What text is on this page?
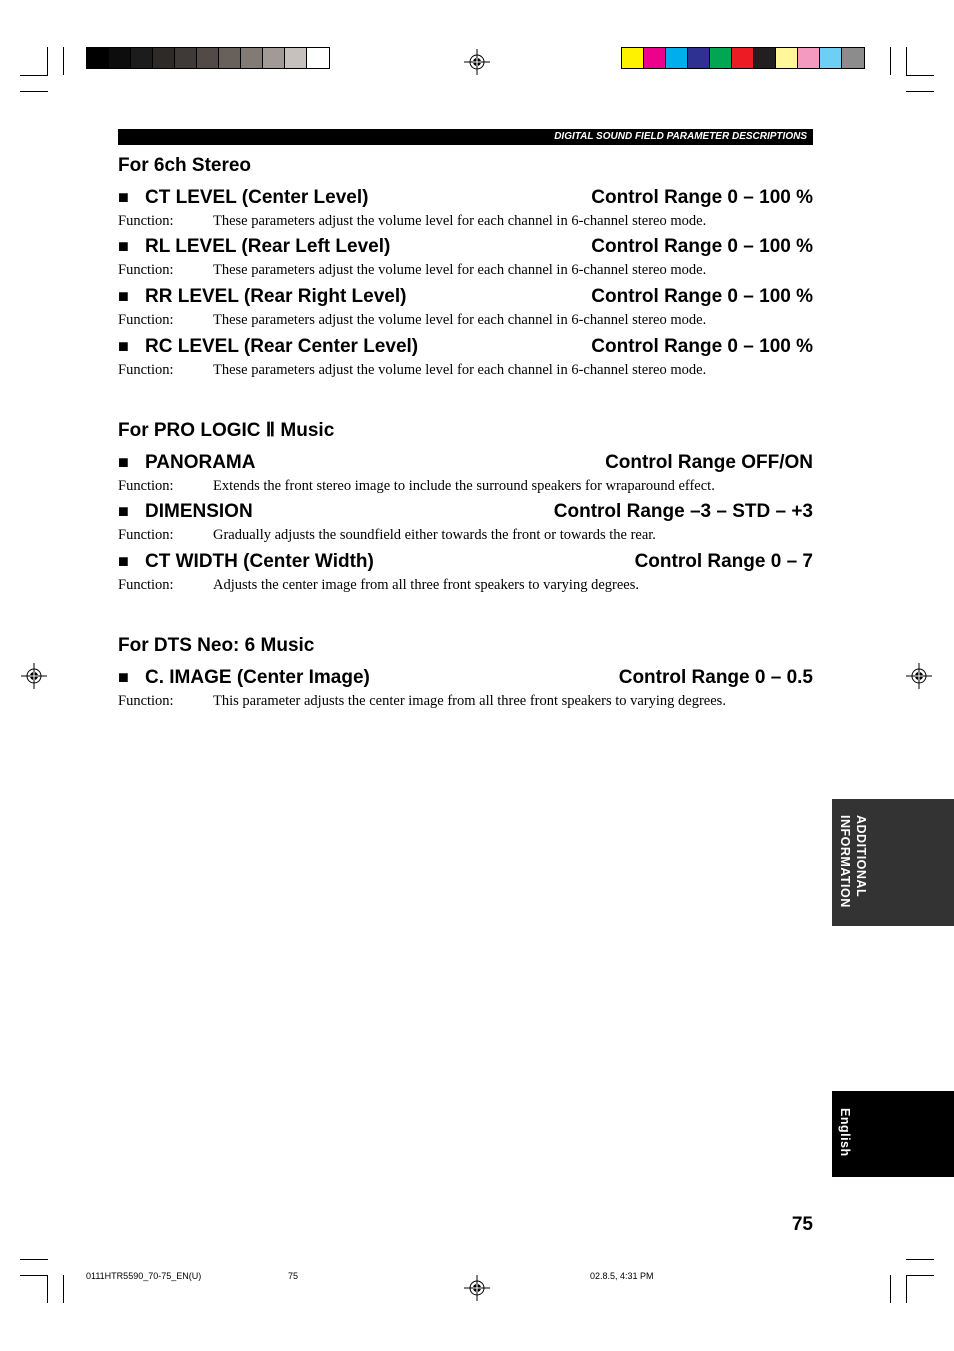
DIGITAL SOUND FIELD PARAMETER DESCRIPTIONS
For 6ch Stereo
■ CT LEVEL (Center Level)	Control Range 0 – 100 %
Function:	These parameters adjust the volume level for each channel in 6-channel stereo mode.
■ RL LEVEL (Rear Left Level)	Control Range 0 – 100 %
Function:	These parameters adjust the volume level for each channel in 6-channel stereo mode.
■ RR LEVEL (Rear Right Level)	Control Range 0 – 100 %
Function:	These parameters adjust the volume level for each channel in 6-channel stereo mode.
■ RC LEVEL (Rear Center Level)	Control Range 0 – 100 %
Function:	These parameters adjust the volume level for each channel in 6-channel stereo mode.
For PRO LOGIC Ⅱ Music
■ PANORAMA	Control Range OFF/ON
Function:	Extends the front stereo image to include the surround speakers for wraparound effect.
■ DIMENSION	Control Range –3 – STD – +3
Function:	Gradually adjusts the soundfield either towards the front or towards the rear.
■ CT WIDTH (Center Width)	Control Range 0 – 7
Function:	Adjusts the center image from all three front speakers to varying degrees.
For DTS Neo: 6 Music
■ C. IMAGE (Center Image)	Control Range 0 – 0.5
Function:	This parameter adjusts the center image from all three front speakers to varying degrees.
ADDITIONAL
INFORMATION
English
75
0111HTR5590_70-75_EN(U)	75	02.8.5, 4:31 PM
